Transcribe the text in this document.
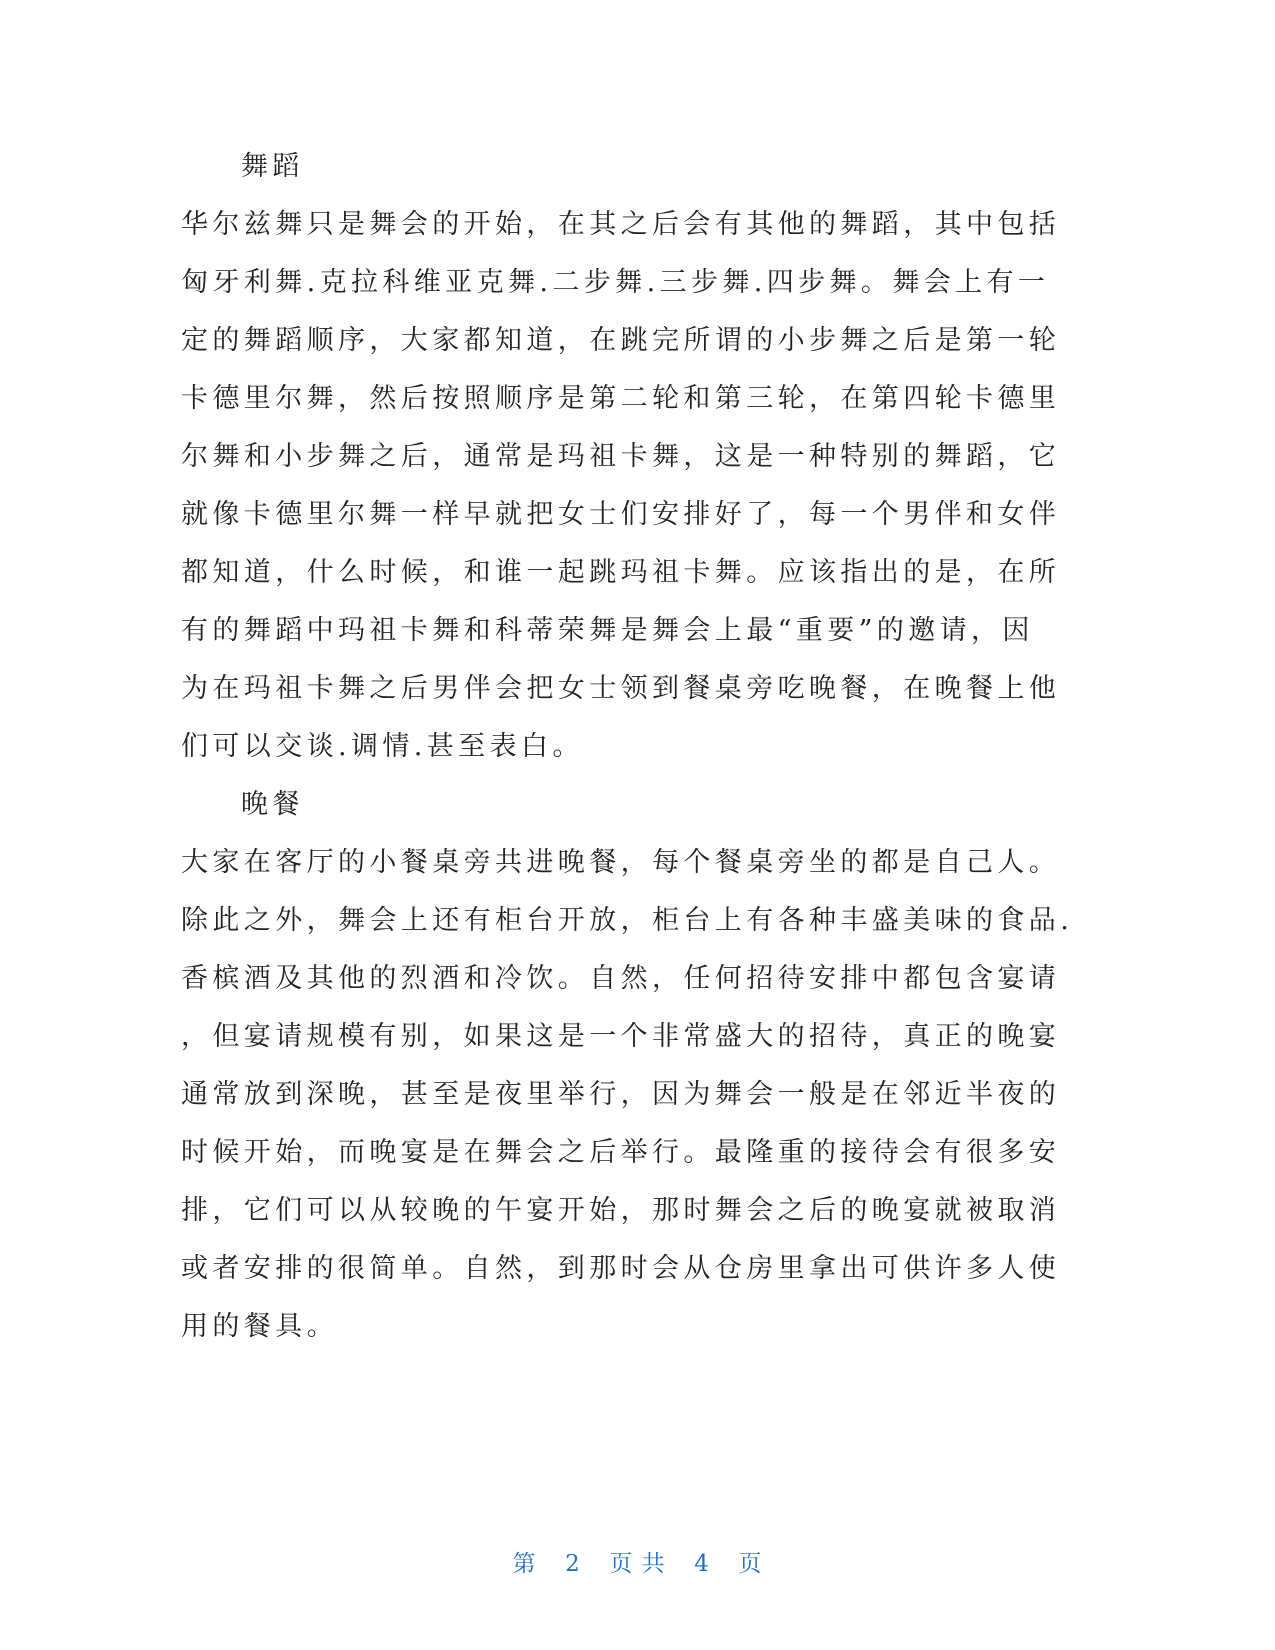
舞蹈
华尔兹舞只是舞会的开始，在其之后会有其他的舞蹈，其中包括
匈牙利舞.克拉科维亚克舞.二步舞.三步舞.四步舞。舞会上有一
定的舞蹈顺序，大家都知道，在跳完所谓的小步舞之后是第一轮
卡德里尔舞，然后按照顺序是第二轮和第三轮，在第四轮卡德里
尔舞和小步舞之后，通常是玛祖卡舞，这是一种特别的舞蹈，它
就像卡德里尔舞一样早就把女士们安排好了，每一个男伴和女伴
都知道，什么时候，和谁一起跳玛祖卡舞。应该指出的是，在所
有的舞蹈中玛祖卡舞和科蒂荣舞是舞会上最“重要”的邀请，因
为在玛祖卡舞之后男伴会把女士领到餐桌旁吃晚餐，在晚餐上他
们可以交谈.调情.甚至表白。
晚餐
大家在客厅的小餐桌旁共进晚餐，每个餐桌旁坐的都是自己人。
除此之外，舞会上还有柜台开放，柜台上有各种丰盛美味的食品.
香槟酒及其他的烈酒和冷饮。自然，任何招待安排中都包含宴请
，但宴请规模有别，如果这是一个非常盛大的招待，真正的晚宴
通常放到深晚，甚至是夜里举行，因为舞会一般是在邻近半夜的
时候开始，而晚宴是在舞会之后举行。最隆重的接待会有很多安
排，它们可以从较晚的午宴开始，那时舞会之后的晚宴就被取消
或者安排的很简单。自然，到那时会从仓房里拿出可供许多人使
用的餐具。
第 2 页 共 4 页
